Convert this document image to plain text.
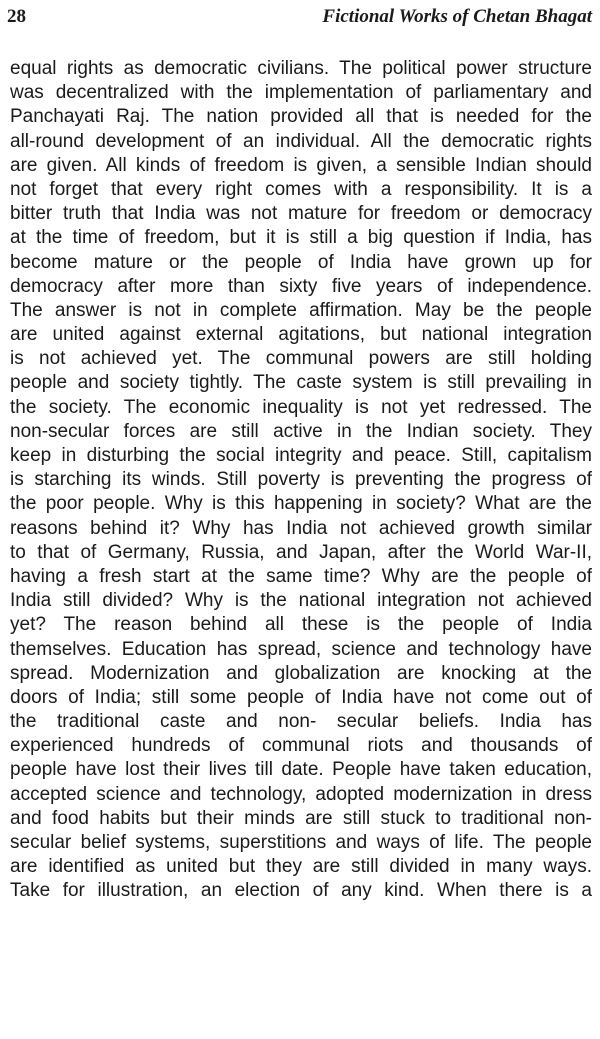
28	Fictional Works of Chetan Bhagat
equal rights as democratic civilians. The political power structure
was decentralized with the implementation of parliamentary and
Panchayati Raj. The nation provided all that is needed for the
all-round development of an individual. All the democratic rights
are given. All kinds of freedom is given, a sensible Indian should
not forget that every right comes with a responsibility. It is a
bitter truth that India was not mature for freedom or democracy
at the time of freedom, but it is still a big question if India, has
become mature or the people of India have grown up for
democracy after more than sixty five years of independence.
The answer is not in complete affirmation. May be the people
are united against external agitations, but national integration
is not achieved yet. The communal powers are still holding
people and society tightly. The caste system is still prevailing in
the society. The economic inequality is not yet redressed. The
non-secular forces are still active in the Indian society. They
keep in disturbing the social integrity and peace. Still, capitalism
is starching its winds. Still poverty is preventing the progress of
the poor people. Why is this happening in society? What are the
reasons behind it? Why has India not achieved growth similar
to that of Germany, Russia, and Japan, after the World War-II,
having a fresh start at the same time? Why are the people of
India still divided? Why is the national integration not achieved
yet? The reason behind all these is the people of India
themselves. Education has spread, science and technology have
spread. Modernization and globalization are knocking at the
doors of India; still some people of India have not come out of
the traditional caste and non- secular beliefs. India has
experienced hundreds of communal riots and thousands of
people have lost their lives till date. People have taken education,
accepted science and technology, adopted modernization in dress
and food habits but their minds are still stuck to traditional non-
secular belief systems, superstitions and ways of life. The people
are identified as united but they are still divided in many ways.
Take for illustration, an election of any kind. When there is a
